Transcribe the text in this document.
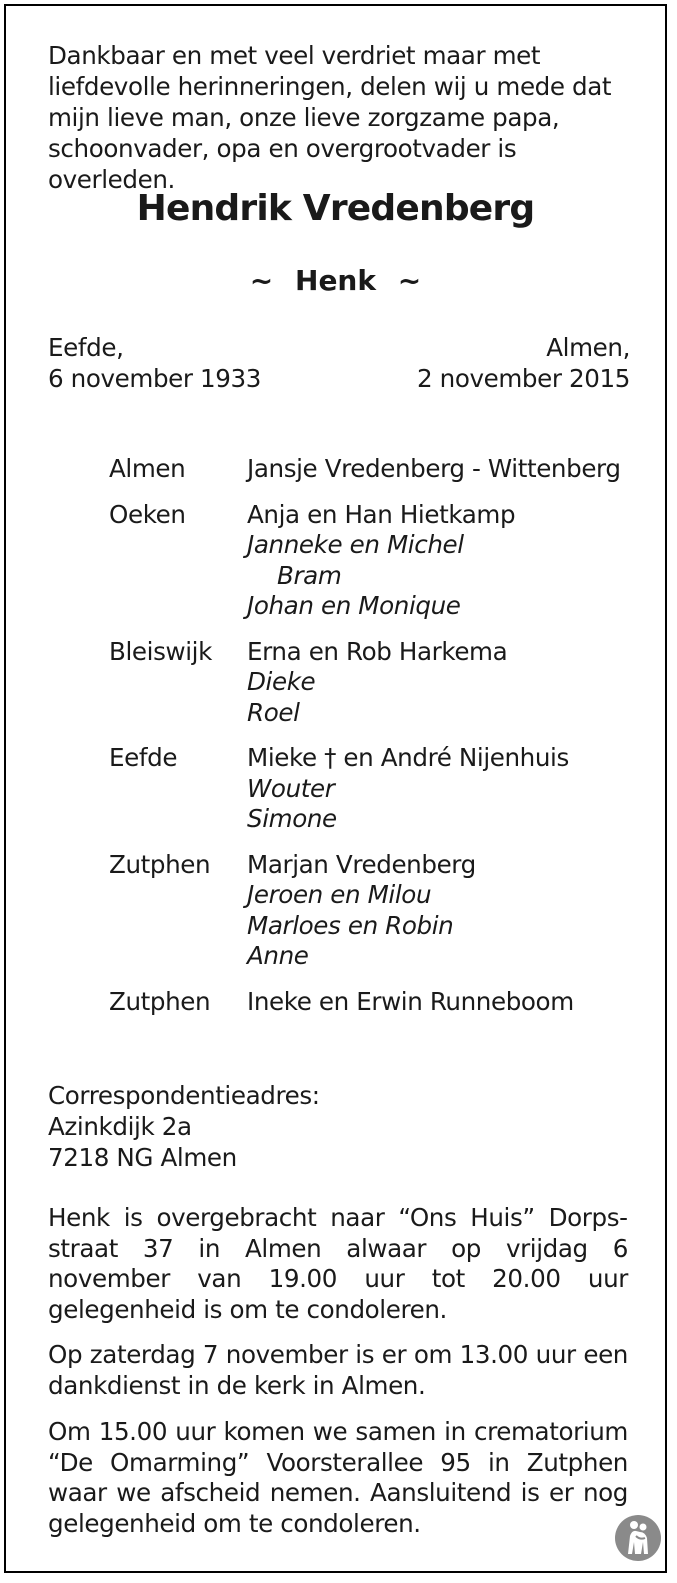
Dankbaar en met veel verdriet maar met liefdevolle herinneringen, delen wij u mede dat mijn lieve man, onze lieve zorgzame papa, schoonvader, opa en overgrootvader is overleden.
Hendrik Vredenberg
~ Henk ~
Eefde,
6 november 1933
Almen,
2 november 2015
Almen	Jansje Vredenberg - Wittenberg
Oeken Anja en Han Hietkamp
Janneke en Michel
Bram
Johan en Monique
Bleiswijk Erna en Rob Harkema
Dieke
Roel
Eefde	Mieke † en André Nijenhuis
Wouter
Simone
Zutphen Marjan Vredenberg
Jeroen en Milou
Marloes en Robin
Anne
Zutphen Ineke en Erwin Runneboom
Correspondentieadres:
Azinkdijk 2a
7218 NG Almen
Henk is overgebracht naar “Ons Huis” Dorpsstraat 37 in Almen alwaar op vrijdag 6 november van 19.00 uur tot 20.00 uur gelegenheid is om te condoleren.
Op zaterdag 7 november is er om 13.00 uur een dankdienst in de kerk in Almen.
Om 15.00 uur komen we samen in crematorium “De Omarming” Voorsterallee 95 in Zutphen waar we afscheid nemen. Aansluitend is er nog gelegenheid om te condoleren.
